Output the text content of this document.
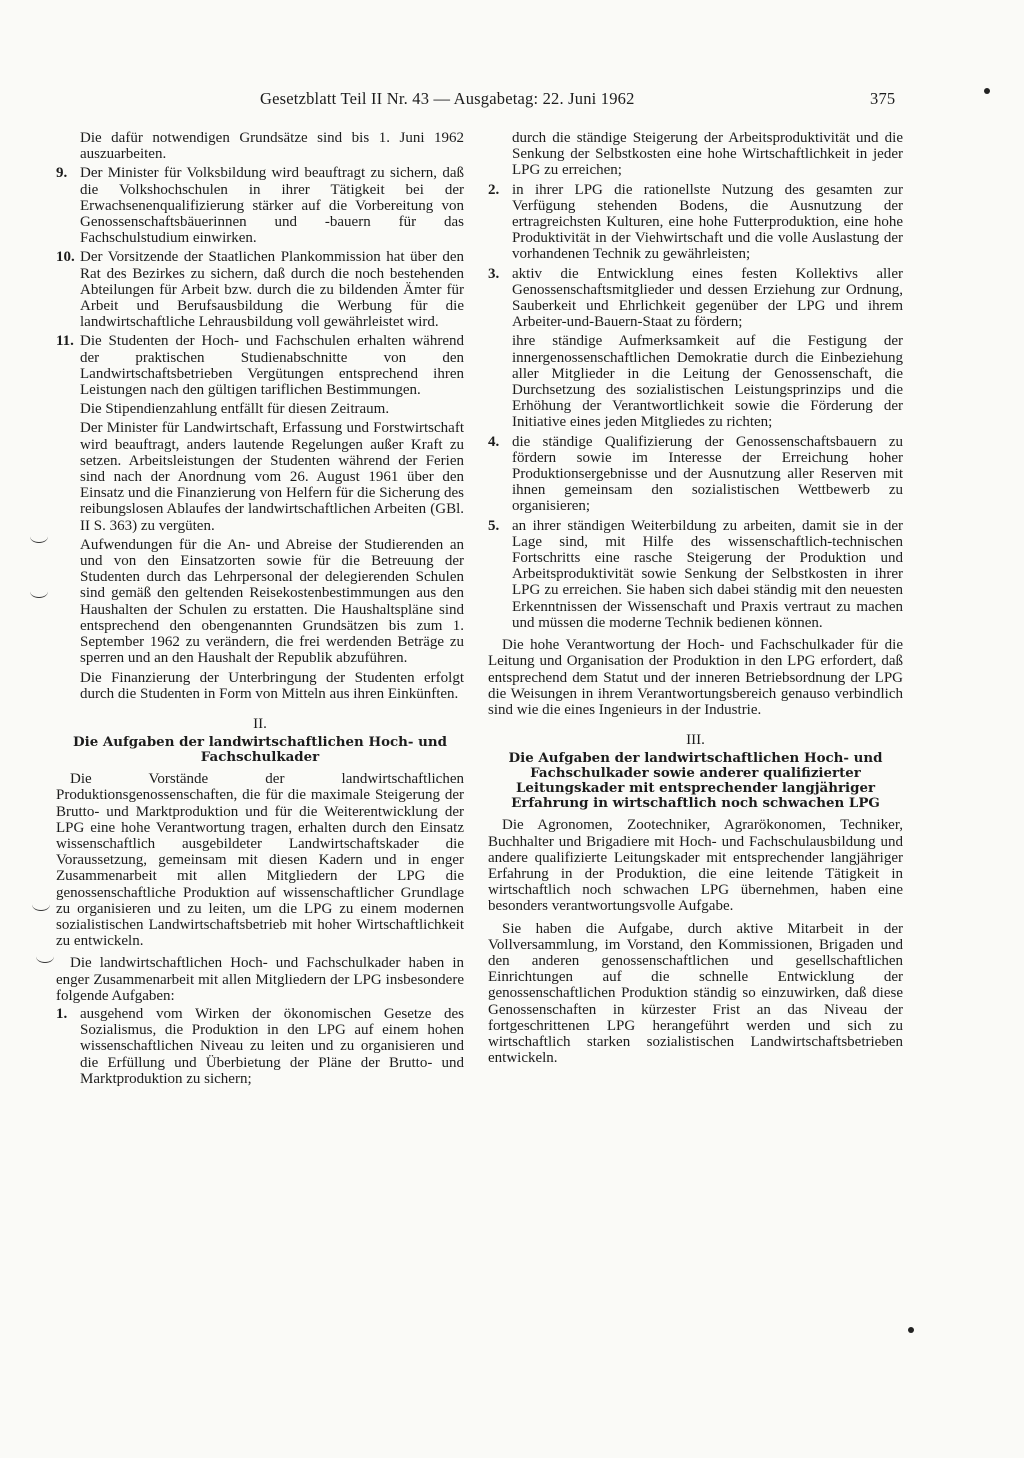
Gesetzblatt Teil II Nr. 43 — Ausgabetag: 22. Juni 1962	375
Die dafür notwendigen Grundsätze sind bis 1. Juni 1962 auszuarbeiten.
9. Der Minister für Volksbildung wird beauftragt zu sichern, daß die Volkshochschulen in ihrer Tätigkeit bei der Erwachsenenqualifizierung stärker auf die Vorbereitung von Genossenschaftsbäuerinnen und -bauern für das Fachschulstudium einwirken.
10. Der Vorsitzende der Staatlichen Plankommission hat über den Rat des Bezirkes zu sichern, daß durch die noch bestehenden Abteilungen für Arbeit bzw. durch die zu bildenden Ämter für Arbeit und Berufsausbildung die Werbung für die landwirtschaftliche Lehrausbildung voll gewährleistet wird.
11. Die Studenten der Hoch- und Fachschulen erhalten während der praktischen Studienabschnitte von den Landwirtschaftsbetrieben Vergütungen entsprechend ihren Leistungen nach den gültigen tariflichen Bestimmungen.
Die Stipendienzahlung entfällt für diesen Zeitraum.
Der Minister für Landwirtschaft, Erfassung und Forstwirtschaft wird beauftragt, anders lautende Regelungen außer Kraft zu setzen. Arbeitsleistungen der Studenten während der Ferien sind nach der Anordnung vom 26. August 1961 über den Einsatz und die Finanzierung von Helfern für die Sicherung des reibungslosen Ablaufes der landwirtschaftlichen Arbeiten (GBl. II S. 363) zu vergüten.
Aufwendungen für die An- und Abreise der Studierenden an und von den Einsatzorten sowie für die Betreuung der Studenten durch das Lehrpersonal der delegierenden Schulen sind gemäß den geltenden Reisekostenbestimmungen aus den Haushalten der Schulen zu erstatten. Die Haushaltspläne sind entsprechend den obengenannten Grundsätzen bis zum 1. September 1962 zu verändern, die frei werdenden Beträge zu sperren und an den Haushalt der Republik abzuführen.
Die Finanzierung der Unterbringung der Studenten erfolgt durch die Studenten in Form von Mitteln aus ihren Einkünften.
II.
Die Aufgaben der landwirtschaftlichen Hoch- und Fachschulkader
Die Vorstände der landwirtschaftlichen Produktionsgenossenschaften, die für die maximale Steigerung der Brutto- und Marktproduktion und für die Weiterentwicklung der LPG eine hohe Verantwortung tragen, erhalten durch den Einsatz wissenschaftlich ausgebildeter Landwirtschaftskader die Voraussetzung, gemeinsam mit diesen Kadern und in enger Zusammenarbeit mit allen Mitgliedern der LPG die genossenschaftliche Produktion auf wissenschaftlicher Grundlage zu organisieren und zu leiten, um die LPG zu einem modernen sozialistischen Landwirtschaftsbetrieb mit hoher Wirtschaftlichkeit zu entwickeln.
Die landwirtschaftlichen Hoch- und Fachschulkader haben in enger Zusammenarbeit mit allen Mitgliedern der LPG insbesondere folgende Aufgaben:
1. ausgehend vom Wirken der ökonomischen Gesetze des Sozialismus, die Produktion in den LPG auf einem hohen wissenschaftlichen Niveau zu leiten und zu organisieren und die Erfüllung und Überbietung der Pläne der Brutto- und Marktproduktion zu sichern;
durch die ständige Steigerung der Arbeitsproduktivität und die Senkung der Selbstkosten eine hohe Wirtschaftlichkeit in jeder LPG zu erreichen;
2. in ihrer LPG die rationellste Nutzung des gesamten zur Verfügung stehenden Bodens, die Ausnutzung der ertragreichsten Kulturen, eine hohe Futterproduktion, eine hohe Produktivität in der Viehwirtschaft und die volle Auslastung der vorhandenen Technik zu gewährleisten;
3. aktiv die Entwicklung eines festen Kollektivs aller Genossenschaftsmitglieder und dessen Erziehung zur Ordnung, Sauberkeit und Ehrlichkeit gegenüber der LPG und ihrem Arbeiter-und-Bauern-Staat zu fördern;
ihre ständige Aufmerksamkeit auf die Festigung der innergenossenschaftlichen Demokratie durch die Einbeziehung aller Mitglieder in die Leitung der Genossenschaft, die Durchsetzung des sozialistischen Leistungsprinzips und die Erhöhung der Verantwortlichkeit sowie die Förderung der Initiative eines jeden Mitgliedes zu richten;
4. die ständige Qualifizierung der Genossenschaftsbauern zu fördern sowie im Interesse der Erreichung hoher Produktionsergebnisse und der Ausnutzung aller Reserven mit ihnen gemeinsam den sozialistischen Wettbewerb zu organisieren;
5. an ihrer ständigen Weiterbildung zu arbeiten, damit sie in der Lage sind, mit Hilfe des wissenschaftlich-technischen Fortschritts eine rasche Steigerung der Produktion und Arbeitsproduktivität sowie Senkung der Selbstkosten in ihrer LPG zu erreichen. Sie haben sich dabei ständig mit den neuesten Erkenntnissen der Wissenschaft und Praxis vertraut zu machen und müssen die moderne Technik bedienen können.
Die hohe Verantwortung der Hoch- und Fachschulkader für die Leitung und Organisation der Produktion in den LPG erfordert, daß entsprechend dem Statut und der inneren Betriebsordnung der LPG die Weisungen in ihrem Verantwortungsbereich genauso verbindlich sind wie die eines Ingenieurs in der Industrie.
III.
Die Aufgaben der landwirtschaftlichen Hoch- und Fachschulkader sowie anderer qualifizierter Leitungskader mit entsprechender langjähriger Erfahrung in wirtschaftlich noch schwachen LPG
Die Agronomen, Zootechniker, Agrarökonomen, Techniker, Buchhalter und Brigadiere mit Hoch- und Fachschulausbildung und andere qualifizierte Leitungskader mit entsprechender langjähriger Erfahrung in der Produktion, die eine leitende Tätigkeit in wirtschaftlich noch schwachen LPG übernehmen, haben eine besonders verantwortungsvolle Aufgabe.
Sie haben die Aufgabe, durch aktive Mitarbeit in der Vollversammlung, im Vorstand, den Kommissionen, Brigaden und den anderen genossenschaftlichen und gesellschaftlichen Einrichtungen auf die schnelle Entwicklung der genossenschaftlichen Produktion ständig so einzuwirken, daß diese Genossenschaften in kürzester Frist an das Niveau der fortgeschrittenen LPG herangeführt werden und sich zu wirtschaftlich starken sozialistischen Landwirtschaftsbetrieben entwickeln.
